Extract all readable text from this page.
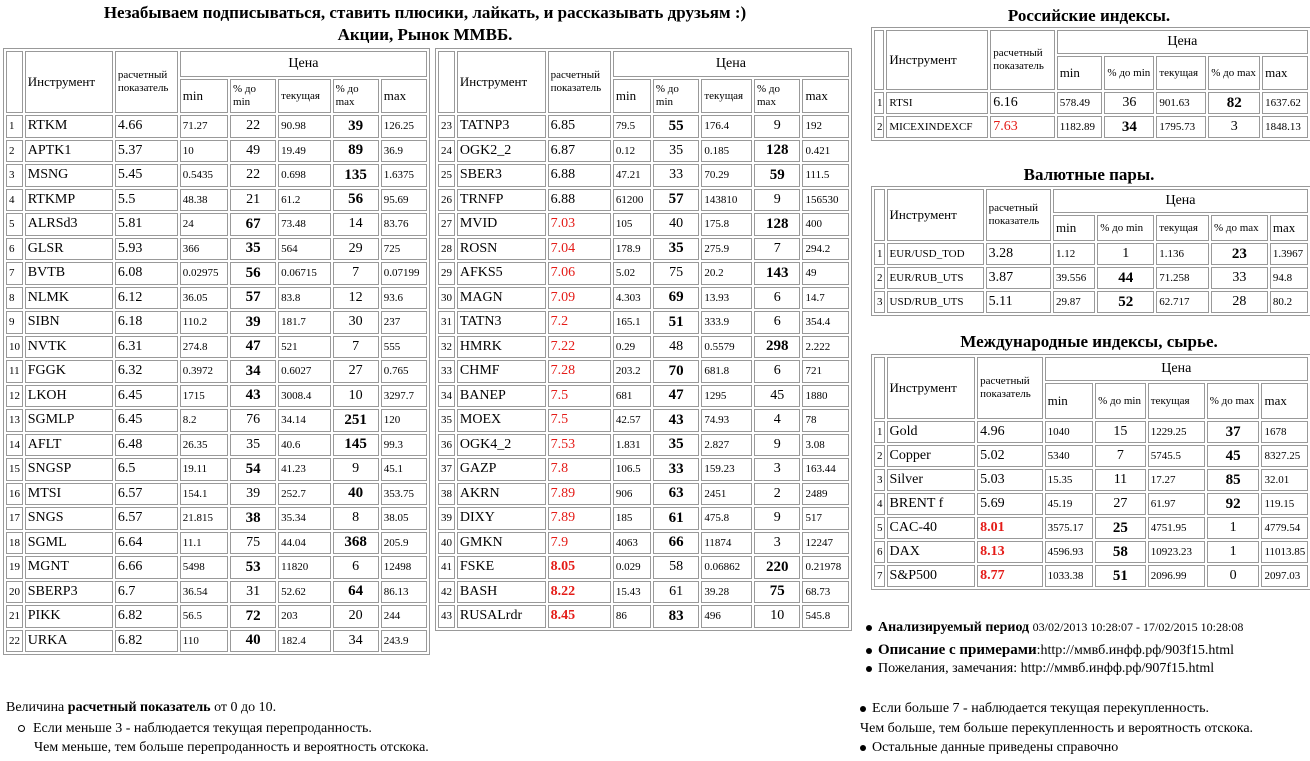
Незабываем подписываться, ставить плюсики, лайкать, и рассказывать друзьям :)
Акции, Рынок ММВБ.
Российские индексы.
Валютные пары.
Международные индексы, сырье.
	Инструмент	расчетный показатель	Цена				
			min	% до min	текущая	% до max	max
1	RTKM	4.66	71.27	22	90.98	39	126.25
2	APTK1	5.37	10	49	19.49	89	36.9
3	MSNG	5.45	0.5435	22	0.698	135	1.6375
4	RTKMP	5.5	48.38	21	61.2	56	95.69
5	ALRSd3	5.81	24	67	73.48	14	83.76
6	GLSR	5.93	366	35	564	29	725
7	BVTB	6.08	0.02975	56	0.06715	7	0.07199
8	NLMK	6.12	36.05	57	83.8	12	93.6
9	SIBN	6.18	110.2	39	181.7	30	237
10	NVTK	6.31	274.8	47	521	7	555
11	FGGK	6.32	0.3972	34	0.6027	27	0.765
12	LKOH	6.45	1715	43	3008.4	10	3297.7
13	SGMLP	6.45	8.2	76	34.14	251	120
14	AFLT	6.48	26.35	35	40.6	145	99.3
15	SNGSP	6.5	19.11	54	41.23	9	45.1
16	MTSI	6.57	154.1	39	252.7	40	353.75
17	SNGS	6.57	21.815	38	35.34	8	38.05
18	SGML	6.64	11.1	75	44.04	368	205.9
19	MGNT	6.66	5498	53	11820	6	12498
20	SBERP3	6.7	36.54	31	52.62	64	86.13
21	PIKK	6.82	56.5	72	203	20	244
22	URKA	6.82	110	40	182.4	34	243.9
	Инструмент	расчетный показатель	Цена				
			min	% до min	текущая	% до max	max
23	TATNP3	6.85	79.5	55	176.4	9	192
24	OGK2_2	6.87	0.12	35	0.185	128	0.421
25	SBER3	6.88	47.21	33	70.29	59	111.5
26	TRNFP	6.88	61200	57	143810	9	156530
27	MVID	7.03	105	40	175.8	128	400
28	ROSN	7.04	178.9	35	275.9	7	294.2
29	AFKS5	7.06	5.02	75	20.2	143	49
30	MAGN	7.09	4.303	69	13.93	6	14.7
31	TATN3	7.2	165.1	51	333.9	6	354.4
32	HMRK	7.22	0.29	48	0.5579	298	2.222
33	CHMF	7.28	203.2	70	681.8	6	721
34	BANEP	7.5	681	47	1295	45	1880
35	MOEX	7.5	42.57	43	74.93	4	78
36	OGK4_2	7.53	1.831	35	2.827	9	3.08
37	GAZP	7.8	106.5	33	159.23	3	163.44
38	AKRN	7.89	906	63	2451	2	2489
39	DIXY	7.89	185	61	475.8	9	517
40	GMKN	7.9	4063	66	11874	3	12247
41	FSKE	8.05	0.029	58	0.06862	220	0.21978
42	BASH	8.22	15.43	61	39.28	75	68.73
43	RUSALrdr	8.45	86	83	496	10	545.8
	Инструмент	расчетный показатель	Цена				
			min	% до min	текущая	% до max	max
1	RTSI	6.16	578.49	36	901.63	82	1637.62
2	MICEXINDEXCF	7.63	1182.89	34	1795.73	3	1848.13
	Инструмент	расчетный показатель	Цена				
			min	% до min	текущая	% до max	max
1	EUR/USD_TOD	3.28	1.12	1	1.136	23	1.3967
2	EUR/RUB_UTS	3.87	39.556	44	71.258	33	94.8
3	USD/RUB_UTS	5.11	29.87	52	62.717	28	80.2
	Инструмент	расчетный показатель	Цена				
			min	% до min	текущая	% до max	max
1	Gold	4.96	1040	15	1229.25	37	1678
2	Copper	5.02	5340	7	5745.5	45	8327.25
3	Silver	5.03	15.35	11	17.27	85	32.01
4	BRENT f	5.69	45.19	27	61.97	92	119.15
5	CAC-40	8.01	3575.17	25	4751.95	1	4779.54
6	DAX	8.13	4596.93	58	10923.23	1	11013.85
7	S&P500	8.77	1033.38	51	2096.99	0	2097.03
Анализируемый период 03/02/2013 10:28:07 - 17/02/2015 10:28:08
Описание с примерами:http://ммвб.инфф.рф/903f15.html
Пожелания, замечания: http://ммвб.инфф.рф/907f15.html
Величина расчетный показатель от 0 до 10.
Если меньше 3 - наблюдается текущая перепроданность.
Чем меньше, тем больше перепроданность и вероятность отскока.
Если больше 7 - наблюдается текущая перекупленность.
Чем больше, тем больше перекупленность и вероятность отскока.
Остальные данные приведены справочно
